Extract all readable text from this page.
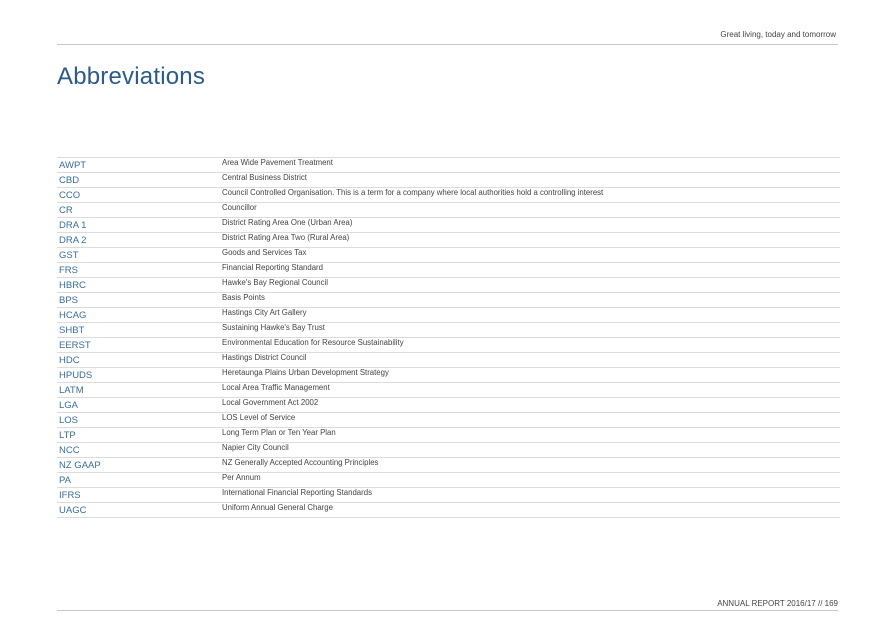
Great living, today and tomorrow
Abbreviations
AWPT	Area Wide Pavement Treatment
CBD	Central Business District
CCO	Council Controlled Organisation. This is a term for a company where local authorities hold a controlling interest
CR	Councillor
DRA 1	District Rating Area One (Urban Area)
DRA 2	District Rating Area Two (Rural Area)
GST	Goods and Services Tax
FRS	Financial Reporting Standard
HBRC	Hawke's Bay Regional Council
BPS	Basis Points
HCAG	Hastings City Art Gallery
SHBT	Sustaining Hawke's Bay Trust
EERST	Environmental Education for Resource Sustainability
HDC	Hastings District Council
HPUDS	Heretaunga Plains Urban Development Strategy
LATM	Local Area Traffic Management
LGA	Local Government Act 2002
LOS	LOS Level of Service
LTP	Long Term Plan or Ten Year Plan
NCC	Napier City Council
NZ GAAP	NZ Generally Accepted Accounting Principles
PA	Per Annum
IFRS	International Financial Reporting Standards
UAGC	Uniform Annual General Charge
ANNUAL REPORT 2016/17 // 169
